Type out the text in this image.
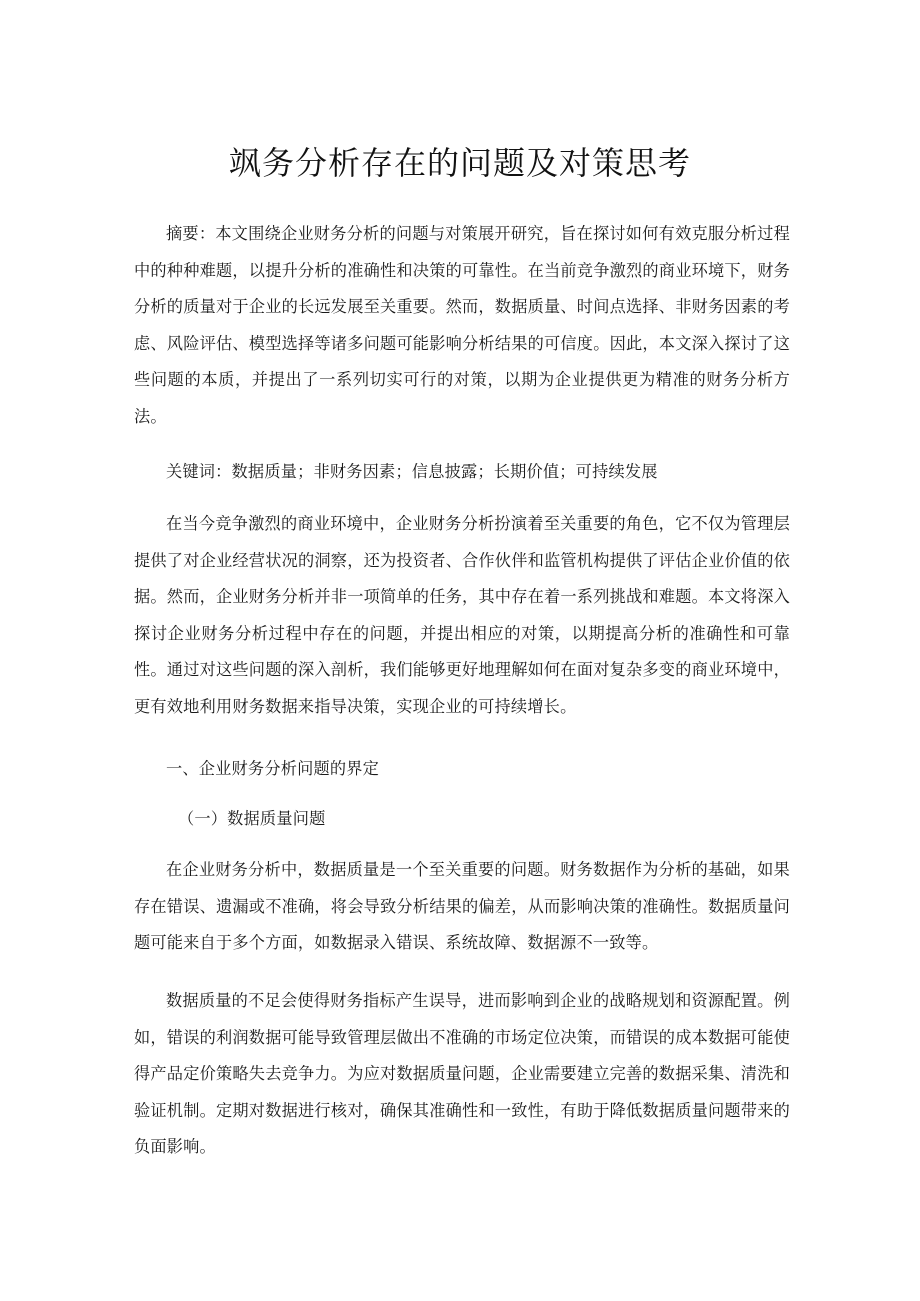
飒务分析存在的问题及对策思考

摘要：本文围绕企业财务分析的问题与对策展开研究，旨在探讨如何有效克服分析过程中的种种难题，以提升分析的准确性和决策的可靠性。在当前竞争激烈的商业环境下，财务分析的质量对于企业的长远发展至关重要。然而，数据质量、时间点选择、非财务因素的考虑、风险评估、模型选择等诸多问题可能影响分析结果的可信度。因此，本文深入探讨了这些问题的本质，并提出了一系列切实可行的对策，以期为企业提供更为精准的财务分析方法。

关键词：数据质量；非财务因素；信息披露；长期价值；可持续发展

在当今竞争激烈的商业环境中，企业财务分析扮演着至关重要的角色，它不仅为管理层提供了对企业经营状况的洞察，还为投资者、合作伙伴和监管机构提供了评估企业价值的依据。然而，企业财务分析并非一项简单的任务，其中存在着一系列挑战和难题。本文将深入探讨企业财务分析过程中存在的问题，并提出相应的对策，以期提高分析的准确性和可靠性。通过对这些问题的深入剖析，我们能够更好地理解如何在面对复杂多变的商业环境中，更有效地利用财务数据来指导决策，实现企业的可持续增长。

一、企业财务分析问题的界定

（一）数据质量问题

在企业财务分析中，数据质量是一个至关重要的问题。财务数据作为分析的基础，如果存在错误、遗漏或不准确，将会导致分析结果的偏差，从而影响决策的准确性。数据质量问题可能来自于多个方面，如数据录入错误、系统故障、数据源不一致等。

数据质量的不足会使得财务指标产生误导，进而影响到企业的战略规划和资源配置。例如，错误的利润数据可能导致管理层做出不准确的市场定位决策，而错误的成本数据可能使得产品定价策略失去竞争力。为应对数据质量问题，企业需要建立完善的数据采集、清洗和验证机制。定期对数据进行核对，确保其准确性和一致性，有助于降低数据质量问题带来的负面影响。
